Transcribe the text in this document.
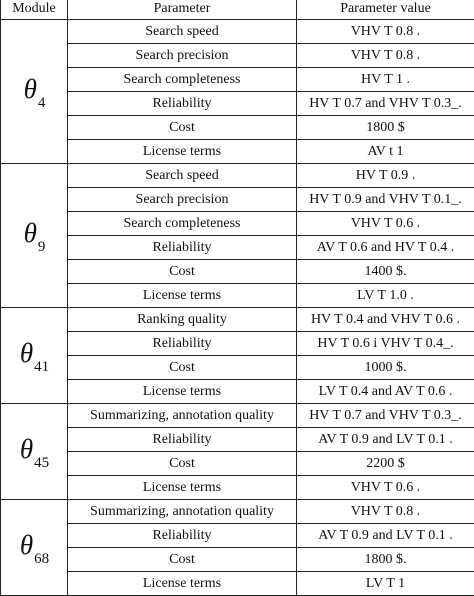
Module	Parameter	Parameter value
θ4	Search speed	VHV T 0.8 .
	Search precision	VHV T 0.8 .
	Search completeness	HV T 1 .
	Reliability	HV T 0.7 and VHV T 0.3_.
	Cost	1800 $
	License terms	AV t 1
θ9	Search speed	HV T 0.9 .
	Search precision	HV T 0.9 and VHV T 0.1_.
	Search completeness	VHV T 0.6 .
	Reliability	AV T 0.6 and HV T 0.4 .
	Cost	1400 $.
	License terms	LV T 1.0 .
θ41	Ranking quality	HV T 0.4 and VHV T 0.6 .
	Reliability	HV T 0.6 i VHV T 0.4_.
	Cost	1000 $.
	License terms	LV T 0.4 and AV T 0.6 .
θ45	Summarizing, annotation quality	HV T 0.7 and VHV T 0.3_.
	Reliability	AV T 0.9 and LV T 0.1 .
	Cost	2200 $
	License terms	VHV T 0.6 .
θ68	Summarizing, annotation quality	VHV T 0.8 .
	Reliability	AV T 0.9 and LV T 0.1 .
	Cost	1800 $.
	License terms	LV T 1
